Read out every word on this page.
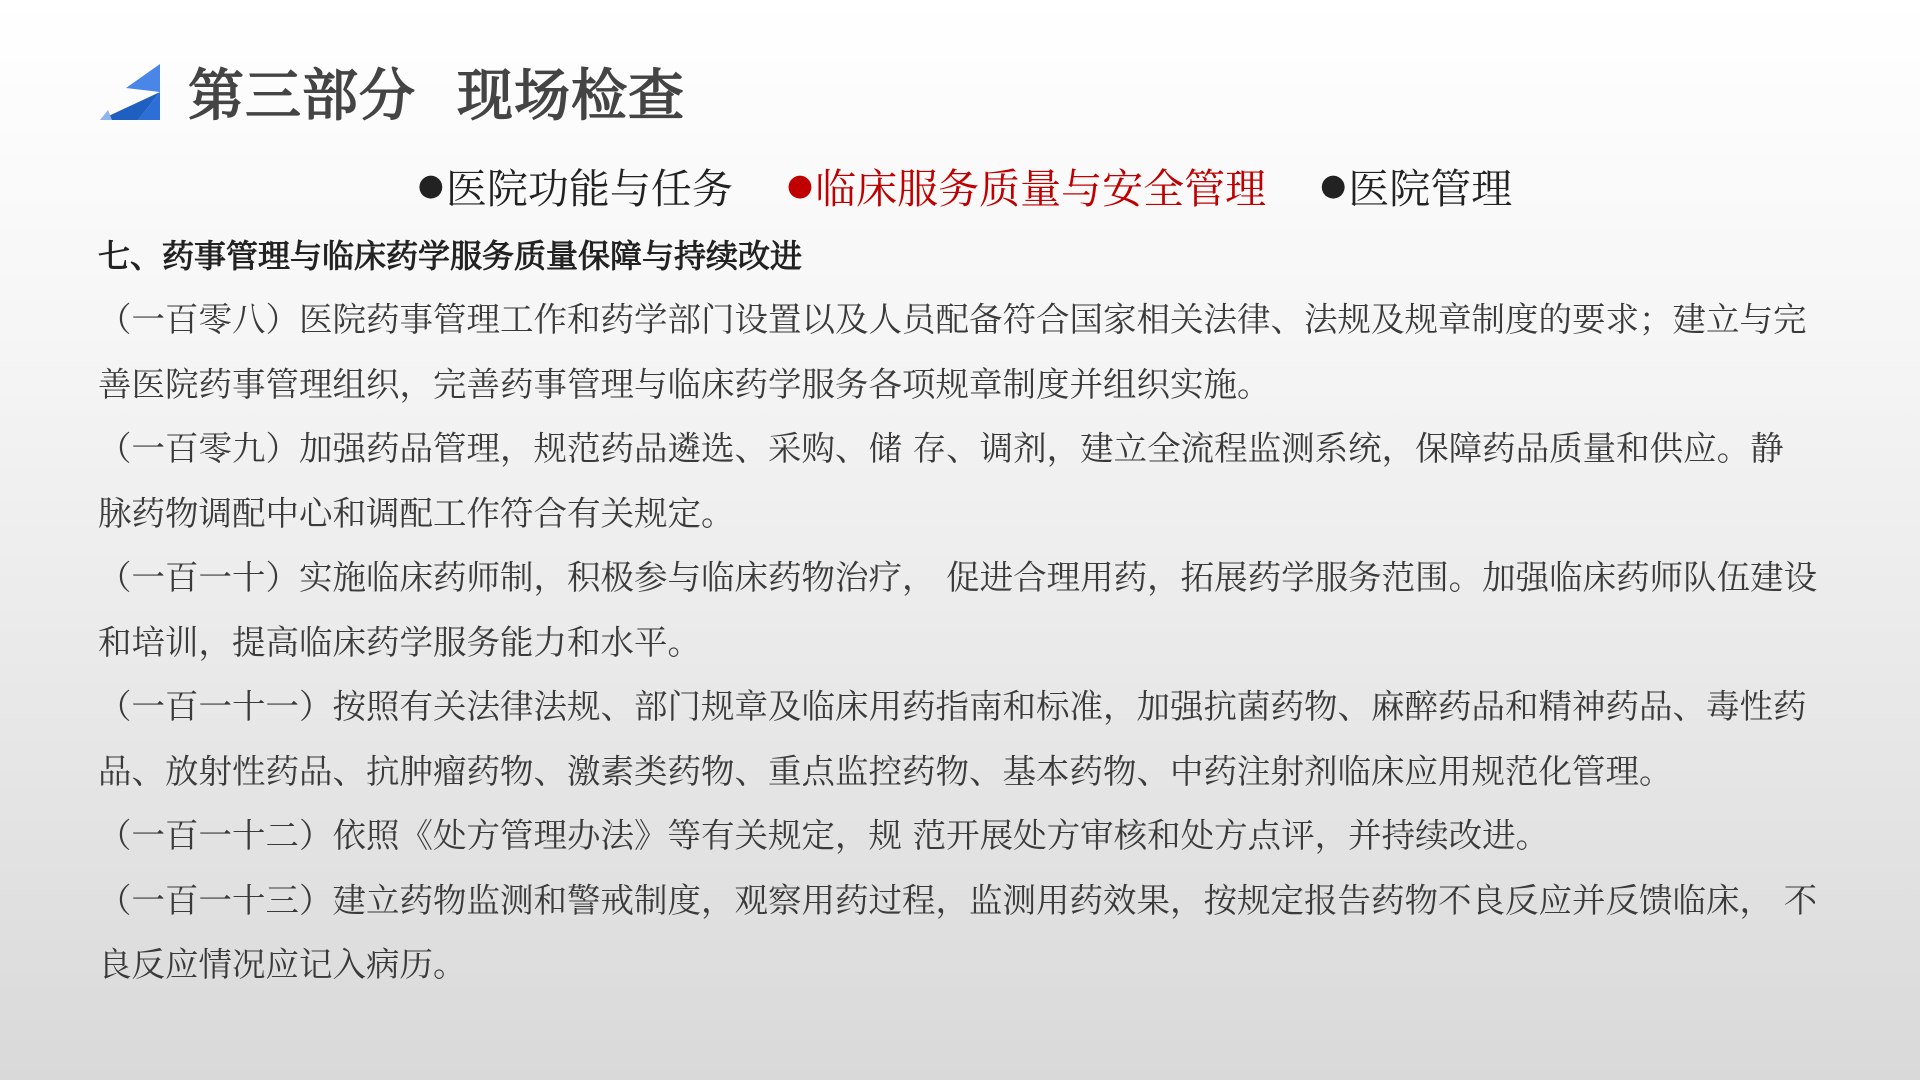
第三部分  现场检查
● 医院功能与任务 ● 临床服务质量与安全管理 ● 医院管理
七、药事管理与临床药学服务质量保障与持续改进
（一百零八）医院药事管理工作和药学部门设置以及人员配备符合国家相关法律、法规及规章制度的要求；建立与完善医院药事管理组织，完善药事管理与临床药学服务各项规章制度并组织实施。
（一百零九）加强药品管理，规范药品遴选、采购、储 存、调剂，建立全流程监测系统，保障药品质量和供应。静 脉药物调配中心和调配工作符合有关规定。
（一百一十）实施临床药师制，积极参与临床药物治疗， 促进合理用药，拓展药学服务范围。加强临床药师队伍建设和培训，提高临床药学服务能力和水平。
（一百一十一）按照有关法律法规、部门规章及临床用药指南和标准，加强抗菌药物、麻醉药品和精神药品、毒性药品、放射性药品、抗肿瘤药物、激素类药物、重点监控药物、基本药物、中药注射剂临床应用规范化管理。
（一百一十二）依照《处方管理办法》等有关规定，规 范开展处方审核和处方点评，并持续改进。
（一百一十三）建立药物监测和警戒制度，观察用药过程，监测用药效果，按规定报告药物不良反应并反馈临床， 不良反应情况应记入病历。
